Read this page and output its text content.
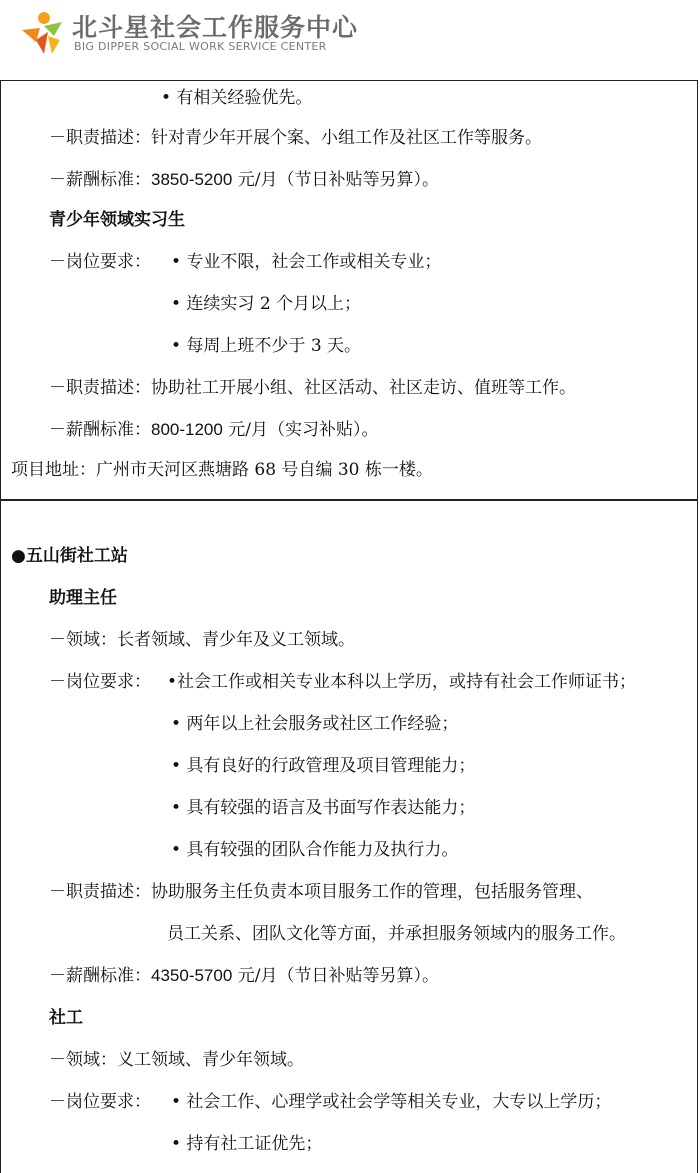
北斗星社会工作服务中心
BIG DIPPER SOCIAL WORK SERVICE CENTER
• 有相关经验优先。
－职责描述：针对青少年开展个案、小组工作及社区工作等服务。
－薪酬标准：3850-5200 元/月（节日补贴等另算）。
青少年领域实习生
－岗位要求： • 专业不限，社会工作或相关专业；
• 连续实习 2 个月以上；
• 每周上班不少于 3 天。
－职责描述：协助社工开展小组、社区活动、社区走访、值班等工作。
－薪酬标准：800-1200 元/月（实习补贴）。
项目地址：广州市天河区燕塘路 68 号自编 30 栋一楼。
●五山街社工站
助理主任
－领域：长者领域、青少年及义工领域。
－岗位要求： •社会工作或相关专业本科以上学历，或持有社会工作师证书；
• 两年以上社会服务或社区工作经验；
• 具有良好的行政管理及项目管理能力；
• 具有较强的语言及书面写作表达能力；
• 具有较强的团队合作能力及执行力。
－职责描述：协助服务主任负责本项目服务工作的管理，包括服务管理、
员工关系、团队文化等方面，并承担服务领域内的服务工作。
－薪酬标准：4350-5700 元/月（节日补贴等另算）。
社工
－领域：义工领域、青少年领域。
－岗位要求： • 社会工作、心理学或社会学等相关专业，大专以上学历；
• 持有社工证优先；
